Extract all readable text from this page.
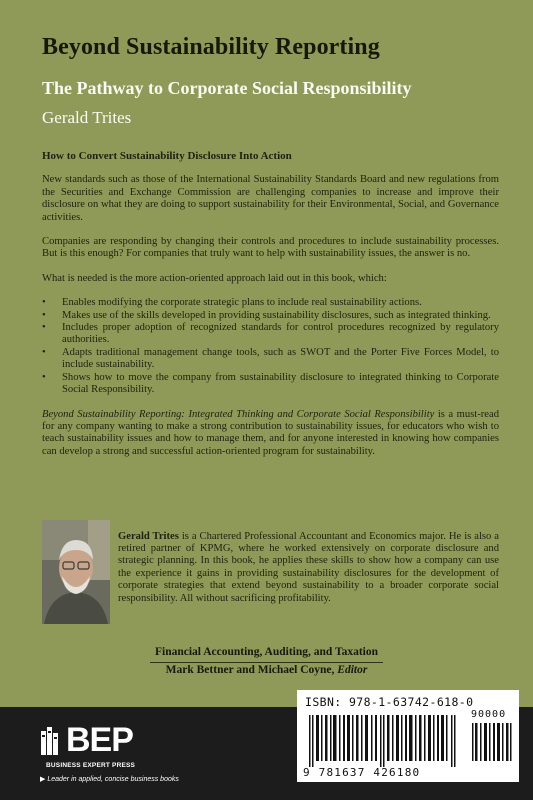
Beyond Sustainability Reporting
The Pathway to Corporate Social Responsibility
Gerald Trites

How to Convert Sustainability Disclosure Into Action

New standards such as those of the International Sustainability Standards Board and new regulations from the Securities and Exchange Commission are challenging companies to increase and improve their disclosure on what they are doing to support sustainability for their Environmental, Social, and Governance activities.

Companies are responding by changing their controls and procedures to include sustainability processes. But is this enough? For companies that truly want to help with sustainability issues, the answer is no.

What is needed is the more action-oriented approach laid out in this book, which:

• Enables modifying the corporate strategic plans to include real sustainability actions.
• Makes use of the skills developed in providing sustainability disclosures, such as integrated thinking.
• Includes proper adoption of recognized standards for control procedures recognized by regulatory authorities.
• Adapts traditional management change tools, such as SWOT and the Porter Five Forces Model, to include sustainability.
• Shows how to move the company from sustainability disclosure to integrated thinking to Corporate Social Responsibility.

Beyond Sustainability Reporting: Integrated Thinking and Corporate Social Responsibility is a must-read for any company wanting to make a strong contribution to sustainability issues, for educators who wish to teach sustainability issues and how to manage them, and for anyone interested in knowing how companies can develop a strong and successful action-oriented program for sustainability.

Gerald Trites is a Chartered Professional Accountant and Economics major. He is also a retired partner of KPMG, where he worked extensively on corporate disclosure and strategic planning. In this book, he applies these skills to show how a company can use the experience it gains in providing sustainability disclosures for the development of corporate strategies that extend beyond sustainability to a broader corporate social responsibility. All without sacrificing profitability.

Financial Accounting, Auditing, and Taxation
Mark Bettner and Michael Coyne, Editor
BEP
BUSINESS EXPERT PRESS
▶ Leader in applied, concise business books
ISBN: 978-1-63742-618-0
90000
9 781637 426180
